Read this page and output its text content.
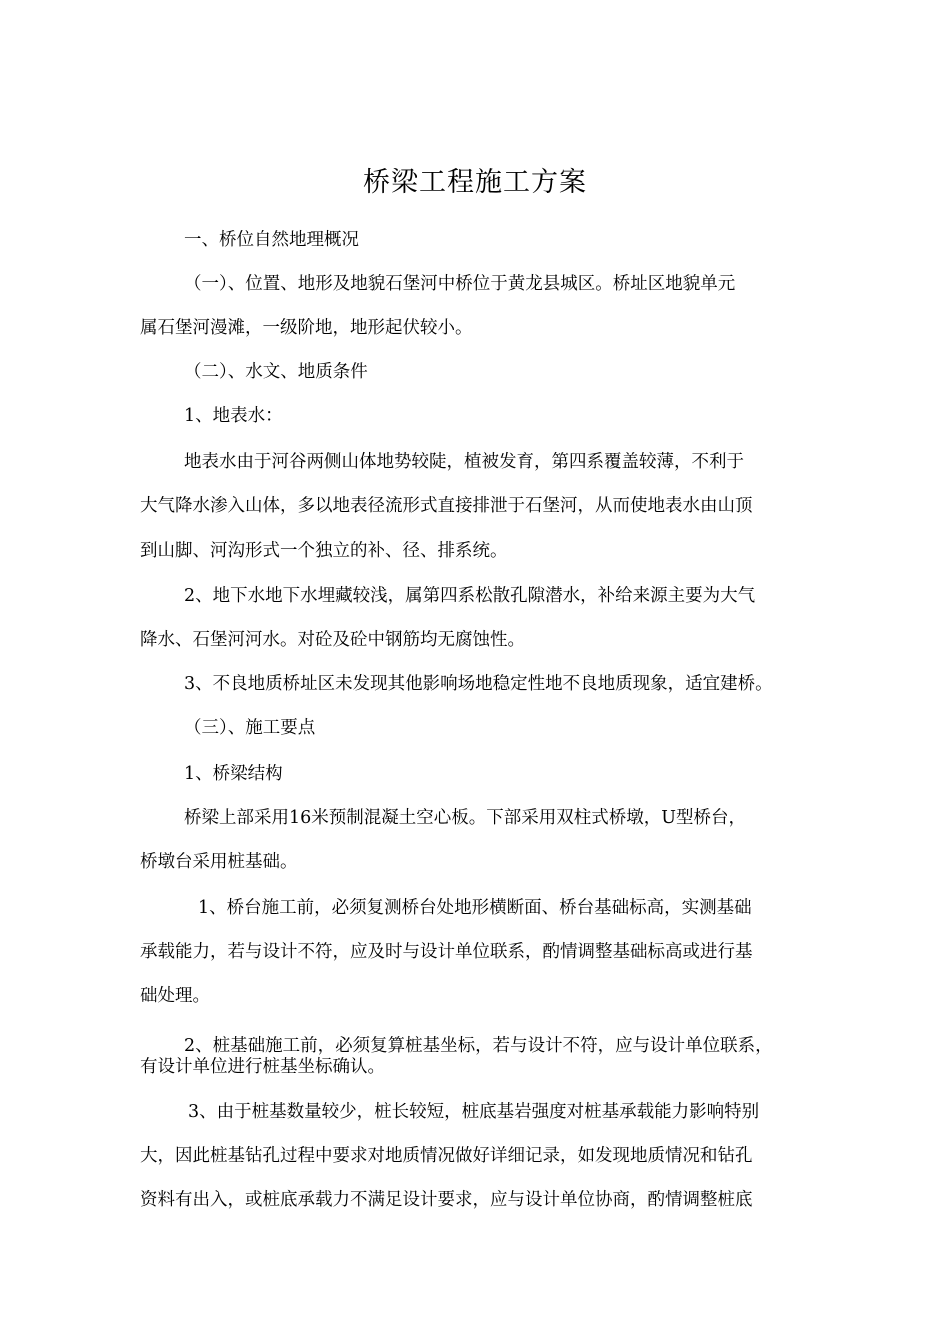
桥梁工程施工方案
一、桥位自然地理概况
（一）、位置、地形及地貌石堡河中桥位于黄龙县城区。桥址区地貌单元
属石堡河漫滩，一级阶地，地形起伏较小。
（二）、水文、地质条件
1、地表水：
地表水由于河谷两侧山体地势较陡，植被发育，第四系覆盖较薄，不利于
大气降水渗入山体，多以地表径流形式直接排泄于石堡河，从而使地表水由山顶
到山脚、河沟形式一个独立的补、径、排系统。
2、地下水地下水埋藏较浅，属第四系松散孔隙潜水，补给来源主要为大气
降水、石堡河河水。对砼及砼中钢筋均无腐蚀性。
3、不良地质桥址区未发现其他影响场地稳定性地不良地质现象，适宜建桥。
（三）、施工要点
1、桥梁结构
桥梁上部采用16米预制混凝土空心板。下部采用双柱式桥墩，U型桥台，
桥墩台采用桩基础。
1、桥台施工前，必须复测桥台处地形横断面、桥台基础标高，实测基础
承载能力，若与设计不符，应及时与设计单位联系，酌情调整基础标高或进行基
础处理。
2、桩基础施工前，必须复算桩基坐标，若与设计不符，应与设计单位联系，
有设计单位进行桩基坐标确认。
3、由于桩基数量较少，桩长较短，桩底基岩强度对桩基承载能力影响特别
大，因此桩基钻孔过程中要求对地质情况做好详细记录，如发现地质情况和钻孔
资料有出入，或桩底承载力不满足设计要求，应与设计单位协商，酌情调整桩底
